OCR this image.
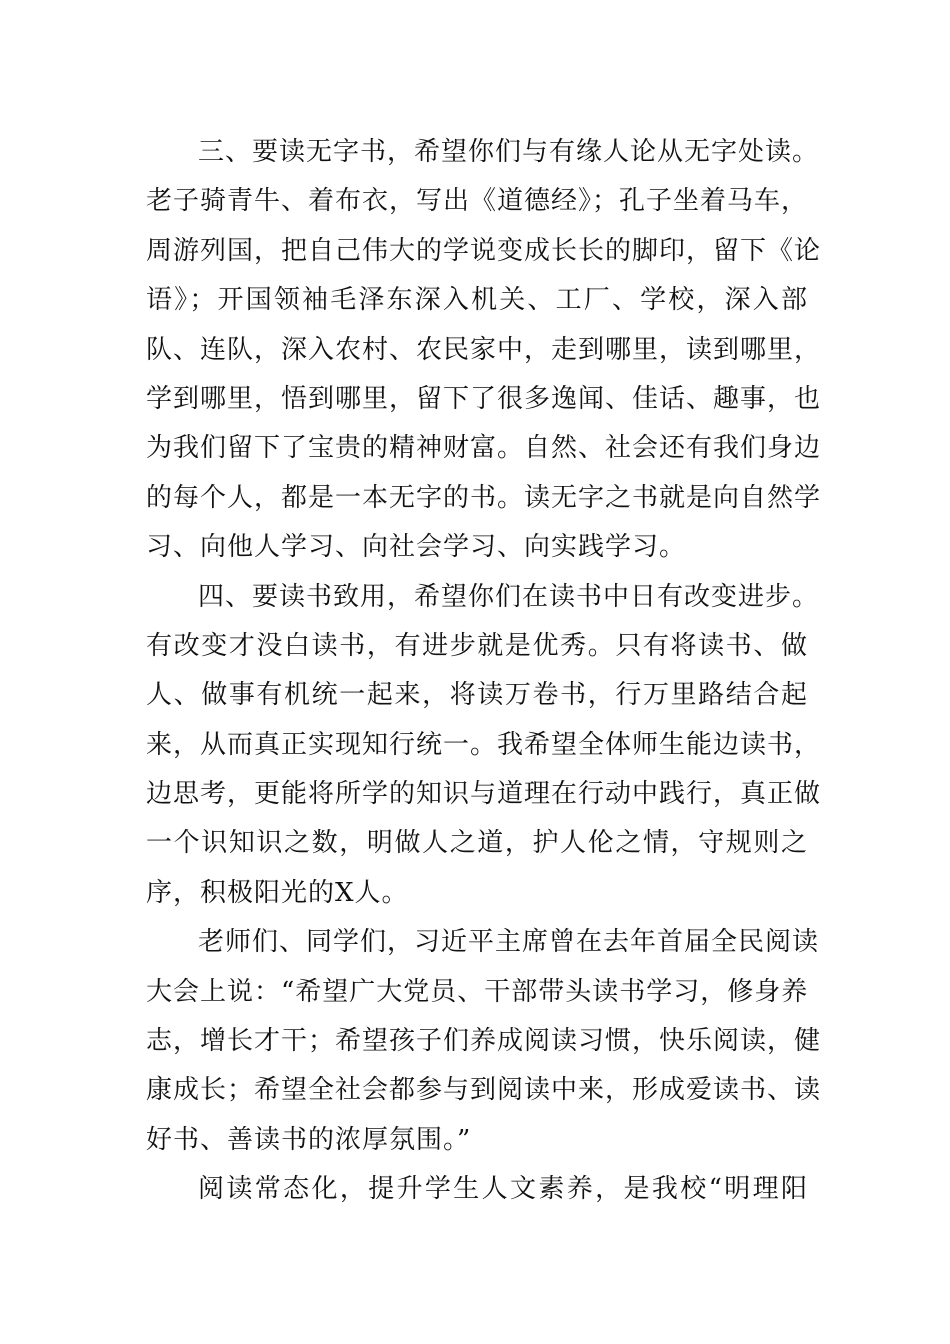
三、要读无字书，希望你们与有缘人论从无字处读。
老子骑青牛、着布衣，写出《道德经》；孔子坐着马车，
周游列国，把自己伟大的学说变成长长的脚印，留下《论
语》；开国领袖毛泽东深入机关、工厂、学校，深入部
队、连队，深入农村、农民家中，走到哪里，读到哪里，
学到哪里，悟到哪里，留下了很多逸闻、佳话、趣事，也
为我们留下了宝贵的精神财富。自然、社会还有我们身边
的每个人，都是一本无字的书。读无字之书就是向自然学
习、向他人学习、向社会学习、向实践学习。
四、要读书致用，希望你们在读书中日有改变进步。
有改变才没白读书，有进步就是优秀。只有将读书、做
人、做事有机统一起来，将读万卷书，行万里路结合起
来，从而真正实现知行统一。我希望全体师生能边读书，
边思考，更能将所学的知识与道理在行动中践行，真正做
一个识知识之数，明做人之道，护人伦之情，守规则之
序，积极阳光的X人。
老师们、同学们，习近平主席曾在去年首届全民阅读
大会上说：“希望广大党员、干部带头读书学习，修身养
志，增长才干；希望孩子们养成阅读习惯，快乐阅读，健
康成长；希望全社会都参与到阅读中来，形成爱读书、读
好书、善读书的浓厚氛围。”
阅读常态化，提升学生人文素养，是我校“明理阳
